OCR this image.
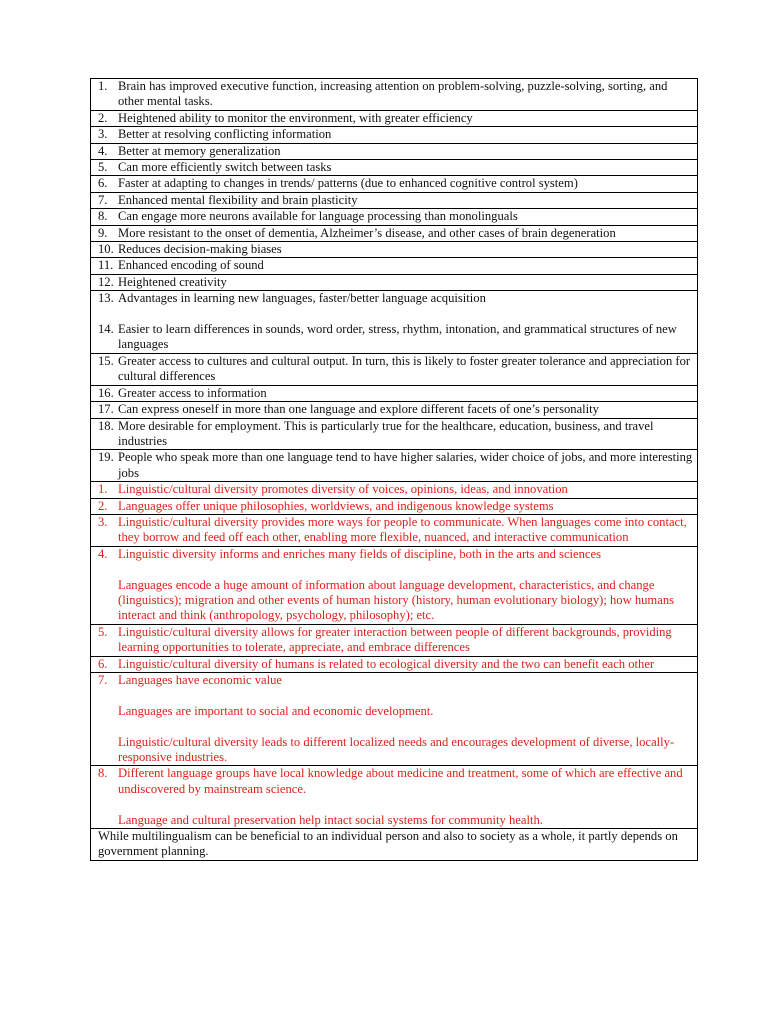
1. Brain has improved executive function, increasing attention on problem-solving, puzzle-solving, sorting, and other mental tasks.

2. Heightened ability to monitor the environment, with greater efficiency

3. Better at resolving conflicting information

4. Better at memory generalization

5. Can more efficiently switch between tasks

6. Faster at adapting to changes in trends/ patterns (due to enhanced cognitive control system)

7. Enhanced mental flexibility and brain plasticity

8. Can engage more neurons available for language processing than monolinguals

9. More resistant to the onset of dementia, Alzheimer’s disease, and other cases of brain degeneration

10. Reduces decision-making biases

11. Enhanced encoding of sound

12. Heightened creativity

13. Advantages in learning new languages, faster/better language acquisition
14. Easier to learn differences in sounds, word order, stress, rhythm, intonation, and grammatical structures of new languages

15. Greater access to cultures and cultural output. In turn, this is likely to foster greater tolerance and appreciation for cultural differences

16. Greater access to information

17. Can express oneself in more than one language and explore different facets of one’s personality

18. More desirable for employment. This is particularly true for the healthcare, education, business, and travel industries

19. People who speak more than one language tend to have higher salaries, wider choice of jobs, and more interesting jobs

1. Linguistic/cultural diversity promotes diversity of voices, opinions, ideas, and innovation

2. Languages offer unique philosophies, worldviews, and indigenous knowledge systems

3. Linguistic/cultural diversity provides more ways for people to communicate. When languages come into contact, they borrow and feed off each other, enabling more flexible, nuanced, and interactive communication

4. Linguistic diversity informs and enriches many fields of discipline, both in the arts and sciences
Languages encode a huge amount of information about language development, characteristics, and change (linguistics); migration and other events of human history (history, human evolutionary biology); how humans interact and think (anthropology, psychology, philosophy); etc.

5. Linguistic/cultural diversity allows for greater interaction between people of different backgrounds, providing learning opportunities to tolerate, appreciate, and embrace differences

6. Linguistic/cultural diversity of humans is related to ecological diversity and the two can benefit each other

7. Languages have economic value
Languages are important to social and economic development.
Linguistic/cultural diversity leads to different localized needs and encourages development of diverse, locally-responsive industries.

8. Different language groups have local knowledge about medicine and treatment, some of which are effective and undiscovered by mainstream science.
Language and cultural preservation help intact social systems for community health.

While multilingualism can be beneficial to an individual person and also to society as a whole, it partly depends on government planning.
